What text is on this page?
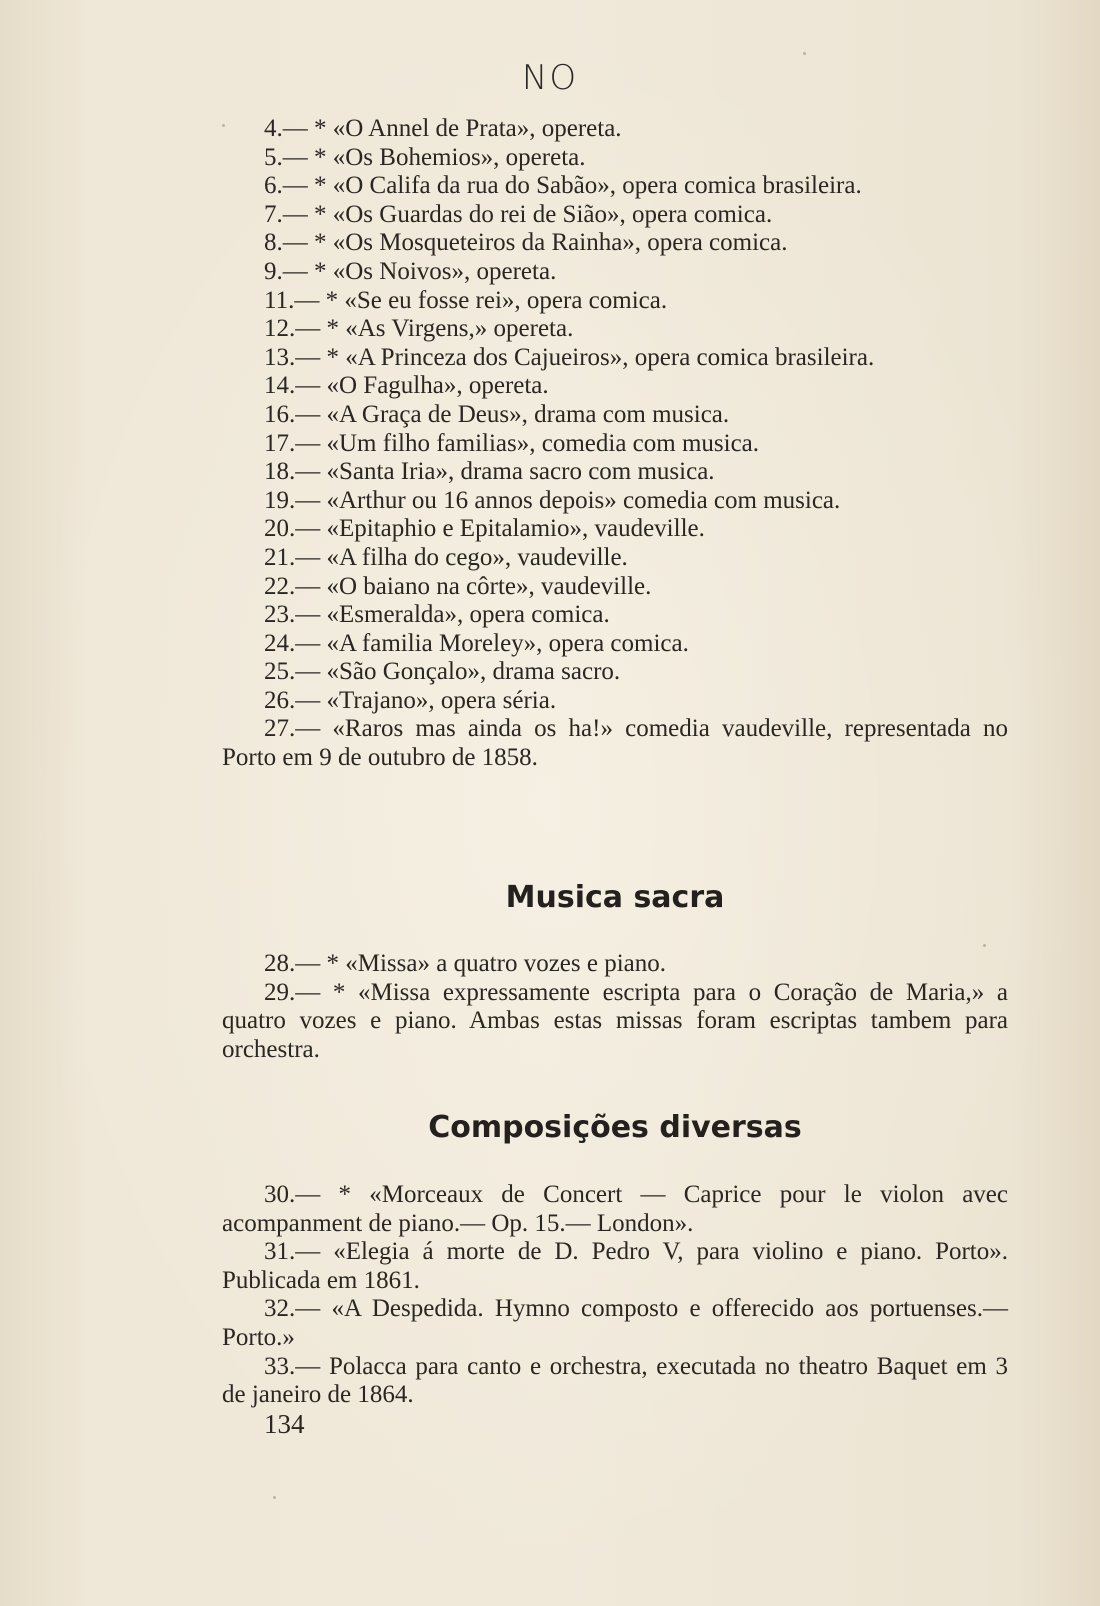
NO

4.— * «O Annel de Prata», opereta.

5.— * «Os Bohemios», opereta.

6.— * «O Califa da rua do Sabão», opera comica brasileira.

7.— * «Os Guardas do rei de Sião», opera comica.

8.— * «Os Mosqueteiros da Rainha», opera comica.

9.— * «Os Noivos», opereta.

11.— * «Se eu fosse rei», opera comica.

12.— * «As Virgens,» opereta.

13.— * «A Princeza dos Cajueiros», opera comica brasileira.

14.— «O Fagulha», opereta.

16.— «A Graça de Deus», drama com musica.

17.— «Um filho familias», comedia com musica.

18.— «Santa Iria», drama sacro com musica.

19.— «Arthur ou 16 annos depois» comedia com musica.

20.— «Epitaphio e Epitalamio», vaudeville.

21.— «A filha do cego», vaudeville.

22.— «O baiano na côrte», vaudeville.

23.— «Esmeralda», opera comica.

24.— «A familia Moreley», opera comica.

25.— «São Gonçalo», drama sacro.

26.— «Trajano», opera séria.

27.— «Raros mas ainda os ha!» comedia vaudeville, representada no Porto em 9 de outubro de 1858.

Musica sacra

28.— * «Missa» a quatro vozes e piano.

29.— * «Missa expressamente escripta para o Coração de Maria,» a quatro vozes e piano. Ambas estas missas foram escriptas tambem para orchestra.

Composições diversas

30.— * «Morceaux de Concert — Caprice pour le violon avec acompanment de piano.— Op. 15.— London».

31.— «Elegia á morte de D. Pedro V, para violino e piano. Porto». Publicada em 1861.

32.— «A Despedida. Hymno composto e offerecido aos portuenses.— Porto.»

33.— Polacca para canto e orchestra, executada no theatro Baquet em 3 de janeiro de 1864.

134
